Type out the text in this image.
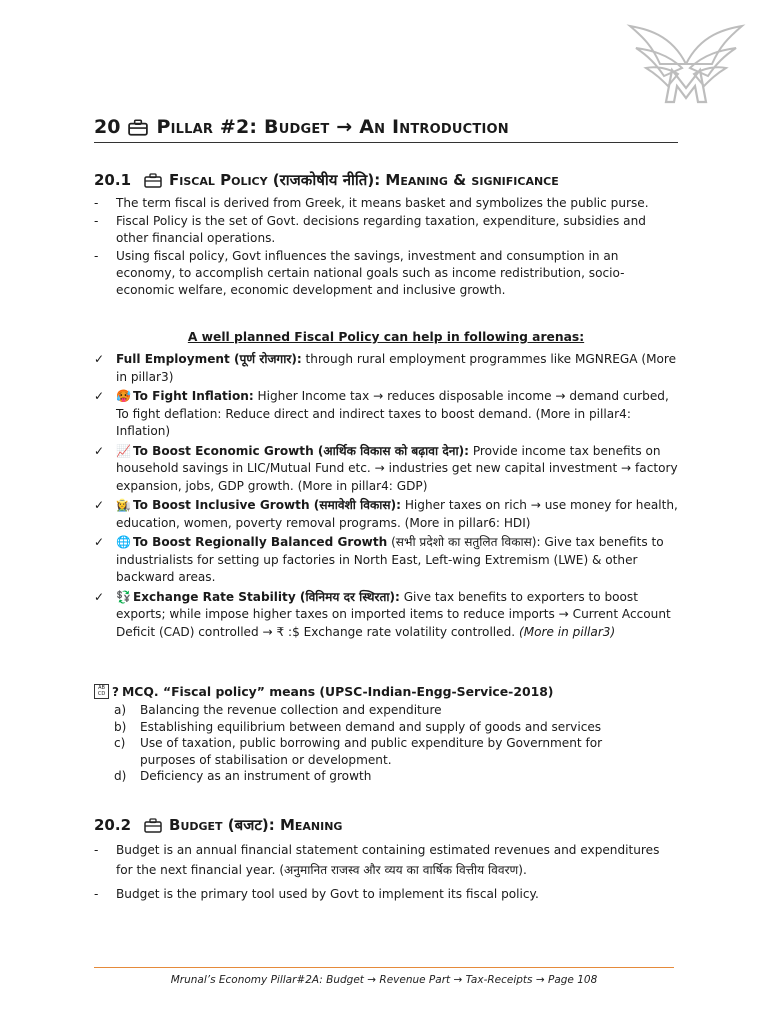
20 Pillar #2: Budget → An Introduction
20.1	Fiscal Policy (राजकोषीय नीति): Meaning & significance
- The term fiscal is derived from Greek, it means basket and symbolizes the public purse.
- Fiscal Policy is the set of Govt. decisions regarding taxation, expenditure, subsidies and other financial operations.
- Using fiscal policy, Govt influences the savings, investment and consumption in an economy, to accomplish certain national goals such as income redistribution, socio-economic welfare, economic development and inclusive growth.
A well planned Fiscal Policy can help in following arenas:
✓ Full Employment (पूर्ण रोजगार): through rural employment programmes like MGNREGA (More in pillar3)
✓ 🥵 To Fight Inflation: Higher Income tax → reduces disposable income → demand curbed, To fight deflation: Reduce direct and indirect taxes to boost demand. (More in pillar4: Inflation)
✓ 📈 To Boost Economic Growth (आर्थिक विकास को बढ़ावा देना): Provide income tax benefits on household savings in LIC/Mutual Fund etc. → industries get new capital investment → factory expansion, jobs, GDP growth. (More in pillar4: GDP)
✓ 👩‍🌾 To Boost Inclusive Growth (समावेशी विकास): Higher taxes on rich → use money for health, education, women, poverty removal programs. (More in pillar6: HDI)
✓ 🌐 To Boost Regionally Balanced Growth (सभी प्रदेशो का सतुलित विकास): Give tax benefits to industrialists for setting up factories in North East, Left-wing Extremism (LWE) & other backward areas.
✓ 💱 Exchange Rate Stability (विनिमय दर स्थिरता): Give tax benefits to exporters to boost exports; while impose higher taxes on imported items to reduce imports → Current Account Deficit (CAD) controlled → ₹ :$ Exchange rate volatility controlled. (More in pillar3)
AB
CD ? MCQ. “Fiscal policy” means (UPSC-Indian-Engg-Service-2018)
a) Balancing the revenue collection and expenditure
b) Establishing equilibrium between demand and supply of goods and services
c) Use of taxation, public borrowing and public expenditure by Government for purposes of stabilisation or development.
d) Deficiency as an instrument of growth
20.2	Budget (बजट): Meaning
- Budget is an annual financial statement containing estimated revenues and expenditures for the next financial year. (अनुमानित राजस्व और व्यय का वार्षिक वित्तीय विवरण).
- Budget is the primary tool used by Govt to implement its fiscal policy.
Mrunal’s Economy Pillar#2A: Budget → Revenue Part → Tax-Receipts → Page 108
